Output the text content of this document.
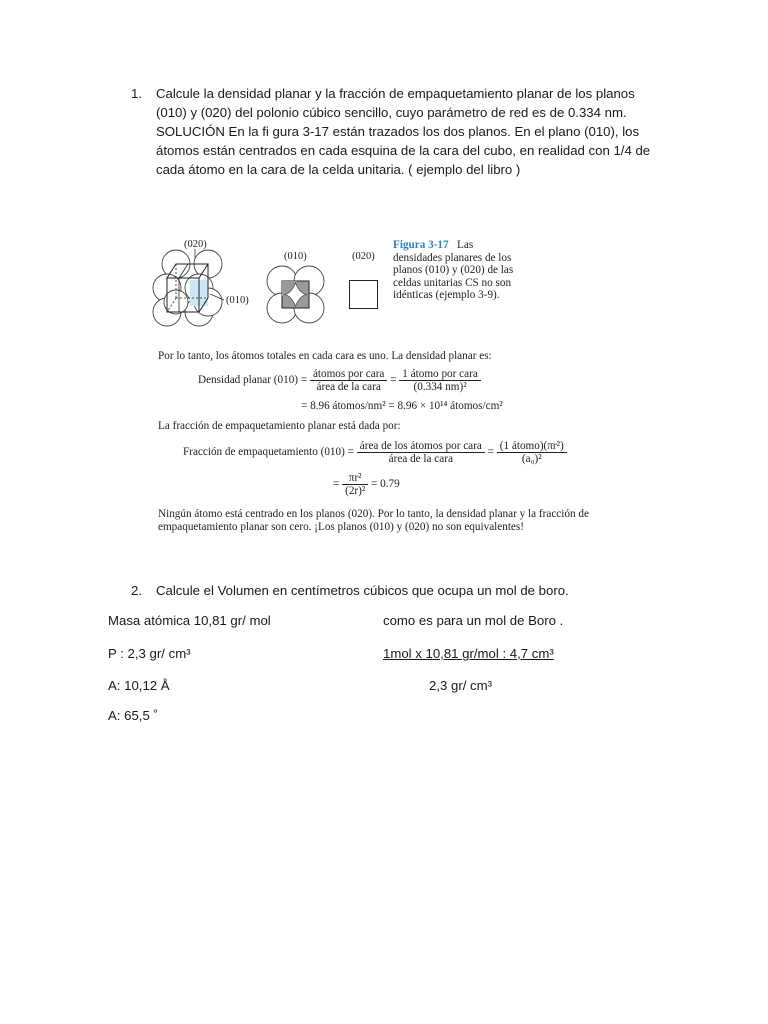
1. Calcule la densidad planar y la fracción de empaquetamiento planar de los planos

(010) y (020) del polonio cúbico sencillo, cuyo parámetro de red es de 0.334 nm.

SOLUCIÓN En la fi gura 3-17 están trazados los dos planos. En el plano (010), los

átomos están centrados en cada esquina de la cara del cubo, en realidad con 1/4 de

cada átomo en la cara de la celda unitaria. ( ejemplo del libro )

(020)
(010)
(010)	(020)
Figura 3-17 Las
densidades planares de los
planos (010) y (020) de las
celdas unitarias CS no son
idénticas (ejemplo 3-9).
Por lo tanto, los átomos totales en cada cara es uno. La densidad planar es:
Densidad planar $(010) = \frac{\text{átomos por cara}}{\text{área de la cara}} = \frac{\text{1 átomo por cara}}{\text{(0.334 nm)²}}$
= 8.96 átomos/nm² = 8.96 × 10¹⁴ átomos/cm²
La fracción de empaquetamiento planar está dada por:
Fracción de empaquetamiento $(010) = \frac{\text{área de los átomos por cara}}{\text{área de la cara}} = \frac{\text{(1 átomo)(πr²)}}{\text{(a₀)²}}$
= $\frac{\text{πr²}}{\text{(2r)²}} = 0.79$
Ningún átomo está centrado en los planos (020). Por lo tanto, la densidad planar y la fracción de
empaquetamiento planar son cero. ¡Los planos (010) y (020) no son equivalentes!
2. Calcule el Volumen en centímetros cúbicos que ocupa un mol de boro.
Masa atómica 10,81 gr/ mol
P : 2,3 gr/ cm³
A: 10,12 Å
A: 65,5 ˚
como es para un mol de Boro .
1mol x 10,81 gr/mol : 4,7 cm³
2,3 gr/ cm³
